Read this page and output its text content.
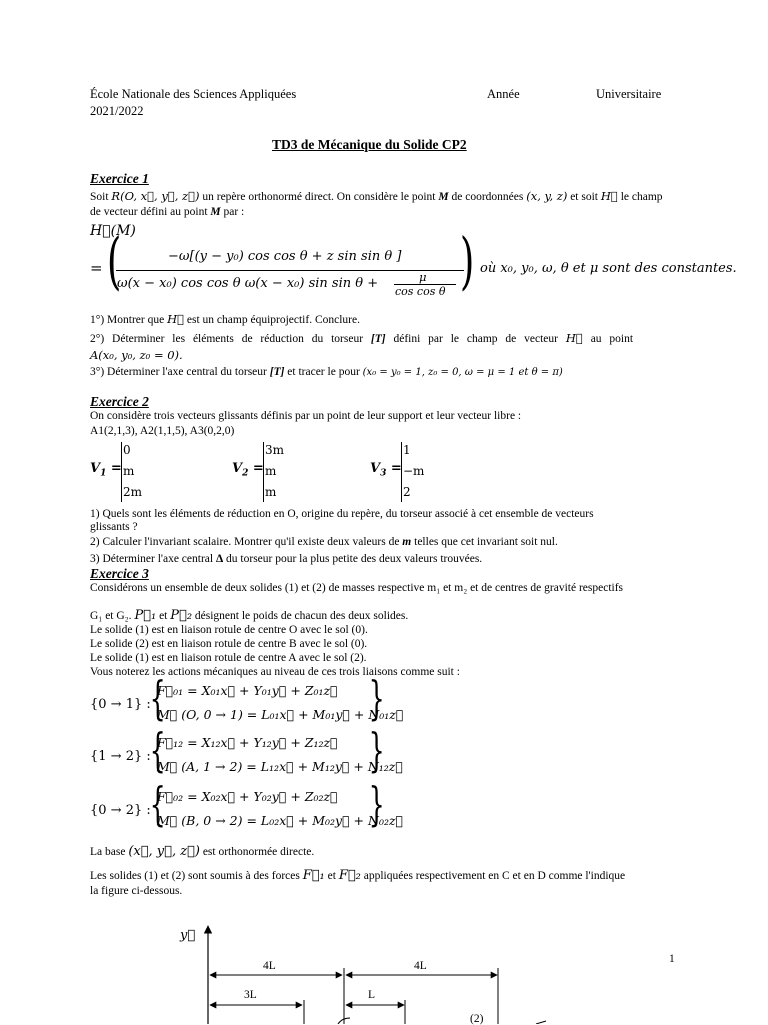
École Nationale des Sciences Appliquées	Année	Universitaire
2021/2022
TD3 de Mécanique du Solide CP2
Exercice 1
Soit R(O, x⃗, y⃗, z⃗) un repère orthonormé direct. On considère le point M de coordonnées (x, y, z) et soit H⃗ le champ
de vecteur défini au point M par :
H⃗(M)
= (	−ω[(y − y₀) cos cos θ + z sin sin θ ]
ω(x − x₀) cos cos θ ω(x − x₀) sin sin θ +	μ
cos cos θ ) où x₀, y₀, ω, θ et μ sont des constantes.
1°) Montrer que H⃗ est un champ équiprojectif. Conclure.
2°) Déterminer les éléments de réduction du torseur [T] défini par le champ de vecteur H⃗ au point
A(x₀, y₀, z₀ = 0).
3°) Déterminer l'axe central du torseur [T] et tracer le pour (x₀ = y₀ = 1, z₀ = 0, ω = μ = 1 et θ = π)
Exercice 2
On considère trois vecteurs glissants définis par un point de leur support et leur vecteur libre :
A1(2,1,3), A2(1,1,5), A3(0,2,0)
$V_1$ =
0
m
2m
$V_2$ =
3m
m
m
$V_3$ =
1
−m
2
1) Quels sont les éléments de réduction en O, origine du repère, du torseur associé à cet ensemble de vecteurs
glissants ?
2) Calculer l'invariant scalaire. Montrer qu'il existe deux valeurs de m telles que cet invariant soit nul.
3) Déterminer l'axe central Δ du torseur pour la plus petite des deux valeurs trouvées.
Exercice 3
Considérons un ensemble de deux solides (1) et (2) de masses respective m₁ et m₂ et de centres de gravité respectifs
G₁ et G₂. P⃗₁ et P⃗₂ désignent le poids de chacun des deux solides.
Le solide (1) est en liaison rotule de centre O avec le sol (0).
Le solide (2) est en liaison rotule de centre B avec le sol (0).
Le solide (1) est en liaison rotule de centre A avec le sol (2).
Vous noterez les actions mécaniques au niveau de ces trois liaisons comme suit :
{0 → 1} :
{
F⃗₀₁ = X₀₁x⃗ + Y₀₁y⃗ + Z₀₁z⃗
M⃗ (O, 0 → 1) = L₀₁x⃗ + M₀₁y⃗ + N₀₁z⃗
}
{1 → 2} :
{
F⃗₁₂ = X₁₂x⃗ + Y₁₂y⃗ + Z₁₂z⃗
M⃗ (A, 1 → 2) = L₁₂x⃗ + M₁₂y⃗ + N₁₂z⃗
}
{0 → 2} :
{
F⃗₀₂ = X₀₂x⃗ + Y₀₂y⃗ + Z₀₂z⃗
M⃗ (B, 0 → 2) = L₀₂x⃗ + M₀₂y⃗ + N₀₂z⃗
}
La base (x⃗, y⃗, z⃗) est orthonormée directe.
Les solides (1) et (2) sont soumis à des forces F⃗₁ et F⃗₂ appliquées respectivement en C et en D comme l'indique
la figure ci-dessous.
y⃗
4L	4L
3L	L
(2)
1
